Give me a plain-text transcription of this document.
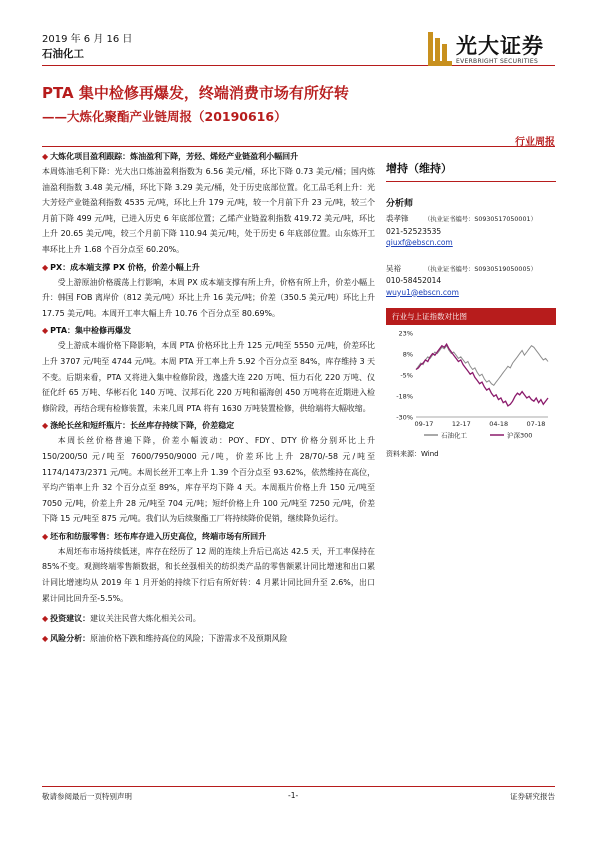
2019 年 6 月 16 日
石油化工	光大证券
EVERBRIGHT SECURITIES
PTA 集中检修再爆发，终端消费市场有所好转
——大炼化聚酯产业链周报（20190616）
行业周报
◆ 大炼化项目盈利跟踪：炼油盈利下降，芳烃、烯烃产业链盈利小幅回升

本周炼油毛利下降：光大出口炼油盈利指数为 6.56 美元/桶，环比下降 0.73 美元/桶；国内炼油盈利指数 3.48 美元/桶，环比下降 3.29 美元/桶，处于历史底部位置。化工品毛利上升：光大芳烃产业链盈利指数 4535 元/吨，环比上升 179 元/吨，较一个月前下升 23 元/吨，较三个月前下降 499 元/吨，已进入历史 6 年底部位置；乙烯产业链盈利指数 419.72 美元/吨，环比上升 20.65 美元/吨，较三个月前下降 110.94 美元/吨，处于历史 6 年底部位置。山东炼开工率环比上升 1.68 个百分点至 60.20%。

◆ PX：成本端支撑 PX 价格，价差小幅上升

受上游原油价格震荡上行影响，本周 PX 成本端支撑有所上升，价格有所上升，价差小幅上升：韩国 FOB 离岸价（812 美元/吨）环比上升 16 美元/吨；价差（350.5 美元/吨）环比上升 17.75 美元/吨。本周开工率大幅上升 10.76 个百分点至 80.69%。

◆ PTA：集中检修再爆发

受上游成本端价格下降影响，本周 PTA 价格环比上升 125 元/吨至 5550 元/吨，价差环比上升 3707 元/吨至 4744 元/吨。本周 PTA 开工率上升 5.92 个百分点至 84%，库存维持 3 天不变。后期来看，PTA 又将进入集中检修阶段，逸盛大连 220 万吨、恒力石化 220 万吨、仪征化纤 65 万吨、华彬石化 140 万吨、汉邦石化 220 万吨和福海创 450 万吨将在近期进入检修阶段，再结合现有检修装置，未来几周 PTA 将有 1630 万吨装置检修，供给端将大幅收缩。

◆ 涤纶长丝和短纤瓶片：长丝库存持续下降，价差稳定

本周长丝价格普遍下降，价差小幅波动：POY、FDY、DTY 价格分别环比上升 150/200/50 元/吨至 7600/7950/9000 元/吨，价差环比上升 28/70/-58 元/吨至 1174/1473/2371 元/吨。本周长丝开工率上升 1.39 个百分点至 93.62%，依然维持在高位，平均产销率上升 32 个百分点至 89%，库存平均下降 4 天。本周瓶片价格上升 150 元/吨至 7050 元/吨，价差上升 28 元/吨至 704 元/吨；短纤价格上升 100 元/吨至 7250 元/吨，价差下降 15 元/吨至 875 元/吨。我们认为后续聚酯工厂将持续降价促销，继续降负运行。

◆ 坯布和纺服零售：坯布库存进入历史高位，终端市场有所回升

本周坯布市场持续低迷，库存在经历了 12 周的连续上升后已高达 42.5 天，开工率保持在 85%不变。观测终端零售额数据，和长丝强相关的纺织类产品的零售额累计同比增速和出口累计同比增速均从 2019 年 1 月开始的持续下行后有所好转：4 月累计同比回升至 2.6%，出口累计同比回升至-5.5%。

◆ 投资建议：建议关注民营大炼化相关公司。
◆ 风险分析：原油价格下跌和维持高位的风险；下游需求不及预期风险
增持（维持）
分析师
裘孝锋 （执业证书编号：S0930517050001）
021-52523535
qiuxf@ebscn.com
吴裕	（执业证书编号：S0930519050005）
010-58452014
wuyu1@ebscn.com
行业与上证指数对比图
23%
8%
-5%
-18%
-30%
09-17	12-17	04-18	07-18
石油化工	沪深300
资料来源：Wind
敬请参阅最后一页特别声明	-1-	证券研究报告
